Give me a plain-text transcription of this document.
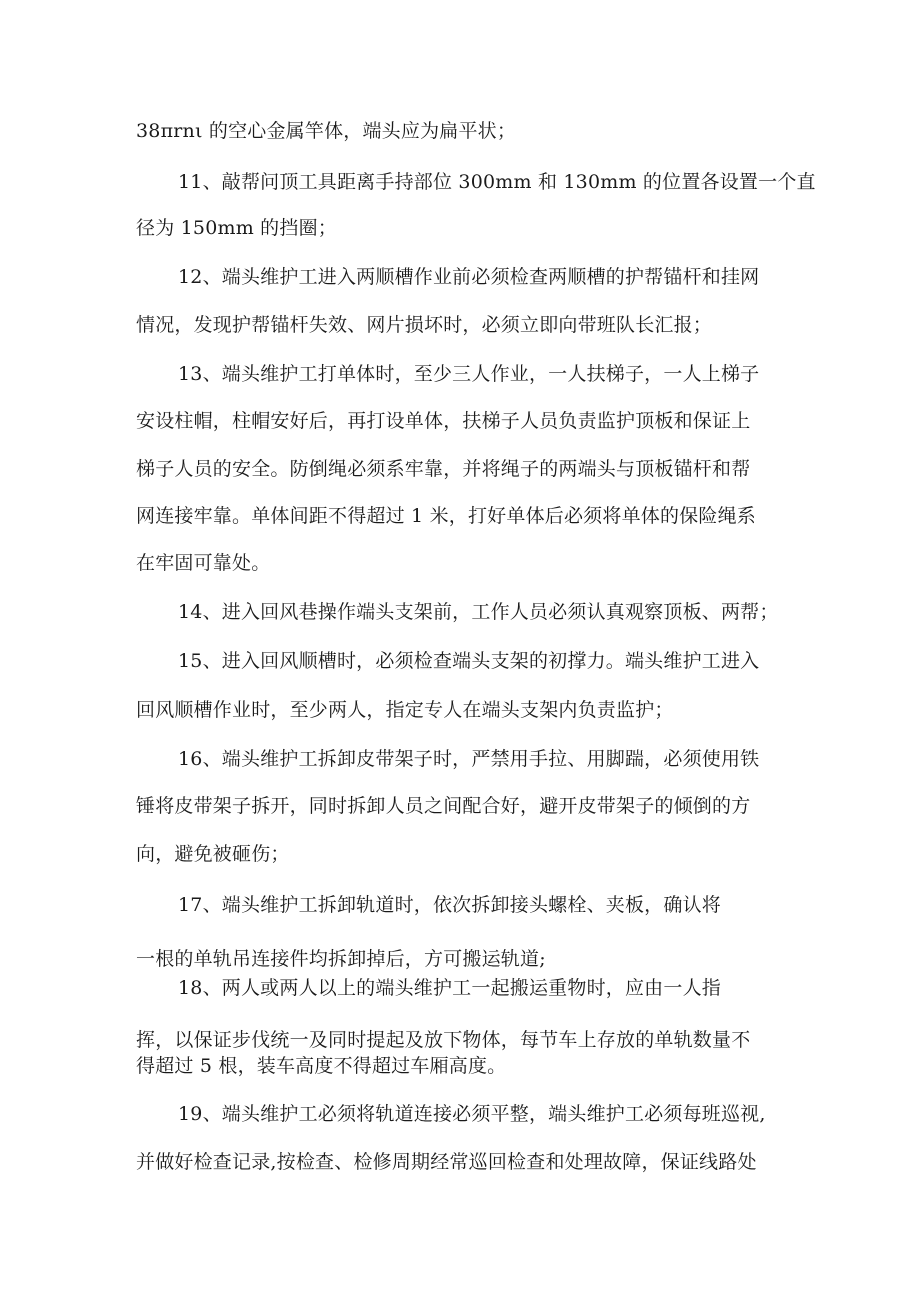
38πrnι 的空心金属竿体，端头应为扁平状；
11、敲帮问顶工具距离手持部位 300mm 和 130mm 的位置各设置一个直
径为 150mm 的挡圈；
12、端头维护工进入两顺槽作业前必须检查两顺槽的护帮锚杆和挂网
情况，发现护帮锚杆失效、网片损坏时，必须立即向带班队长汇报；
13、端头维护工打单体时，至少三人作业，一人扶梯子，一人上梯子
安设柱帽，柱帽安好后，再打设单体，扶梯子人员负责监护顶板和保证上
梯子人员的安全。防倒绳必须系牢靠，并将绳子的两端头与顶板锚杆和帮
网连接牢靠。单体间距不得超过 1 米，打好单体后必须将单体的保险绳系
在牢固可靠处。
14、进入回风巷操作端头支架前，工作人员必须认真观察顶板、两帮；
15、进入回风顺槽时，必须检查端头支架的初撑力。端头维护工进入
回风顺槽作业时，至少两人，指定专人在端头支架内负责监护；
16、端头维护工拆卸皮带架子时，严禁用手拉、用脚踹，必须使用铁
锤将皮带架子拆开，同时拆卸人员之间配合好，避开皮带架子的倾倒的方
向，避免被砸伤；
17、端头维护工拆卸轨道时，依次拆卸接头螺栓、夹板，确认将
一根的单轨吊连接件均拆卸掉后，方可搬运轨道;
18、两人或两人以上的端头维护工一起搬运重物时，应由一人指
挥，以保证步伐统一及同时提起及放下物体，每节车上存放的单轨数量不
得超过 5 根，装车高度不得超过车厢高度。
19、端头维护工必须将轨道连接必须平整，端头维护工必须每班巡视,
并做好检查记录,按检查、检修周期经常巡回检查和处理故障，保证线路处
